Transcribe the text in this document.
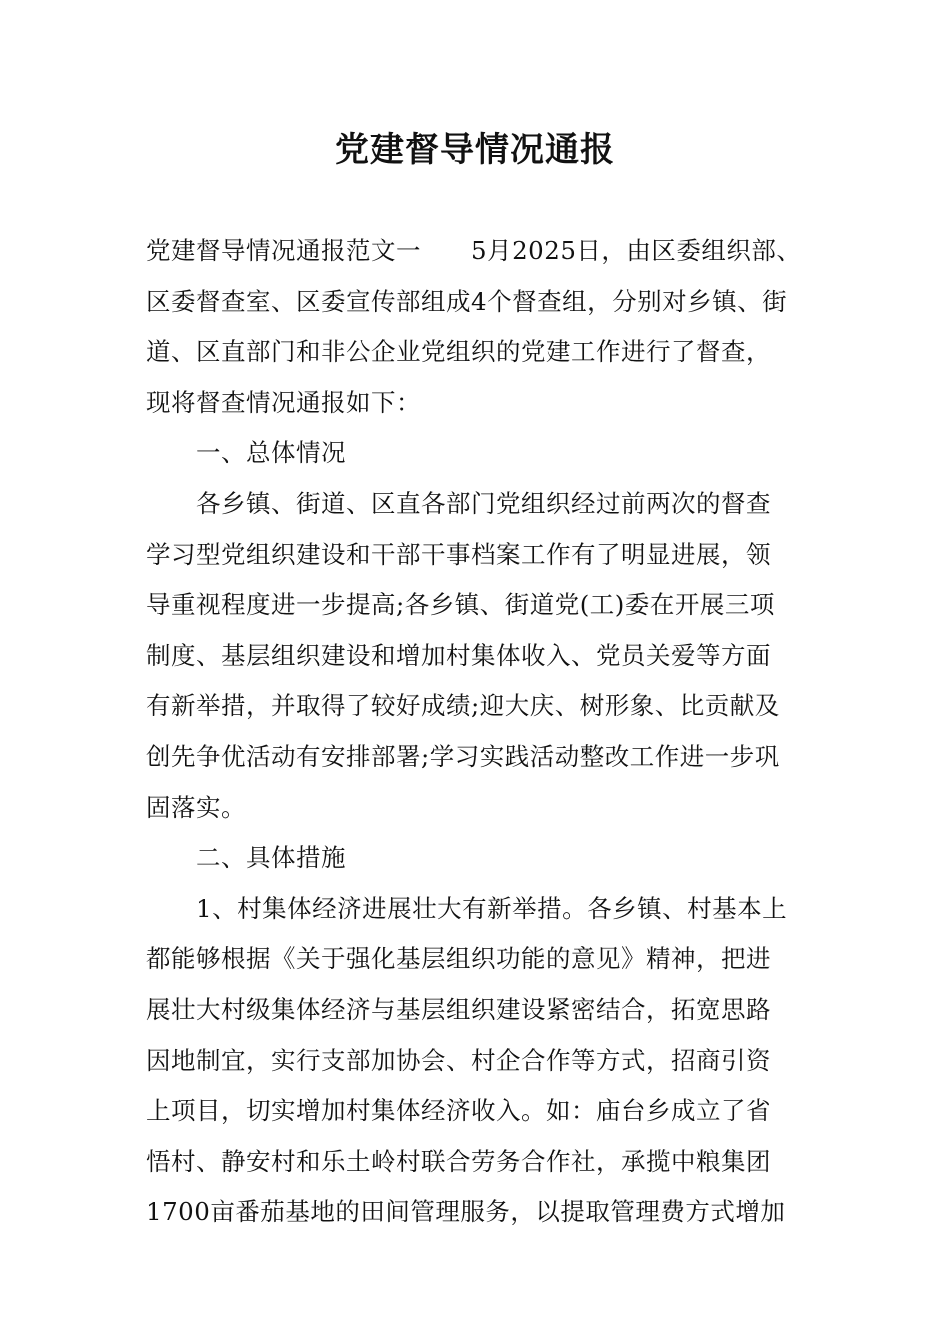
党建督导情况通报
党建督导情况通报范文一　　5月2025日，由区委组织部、
区委督查室、区委宣传部组成4个督查组，分别对乡镇、街
道、区直部门和非公企业党组织的党建工作进行了督查，
现将督查情况通报如下：
一、总体情况
各乡镇、街道、区直各部门党组织经过前两次的督查
学习型党组织建设和干部干事档案工作有了明显进展，领
导重视程度进一步提高;各乡镇、街道党(工)委在开展三项
制度、基层组织建设和增加村集体收入、党员关爱等方面
有新举措，并取得了较好成绩;迎大庆、树形象、比贡献及
创先争优活动有安排部署;学习实践活动整改工作进一步巩
固落实。
二、具体措施
1、村集体经济进展壮大有新举措。各乡镇、村基本上
都能够根据《关于强化基层组织功能的意见》精神，把进
展壮大村级集体经济与基层组织建设紧密结合，拓宽思路
因地制宜，实行支部加协会、村企合作等方式，招商引资
上项目，切实增加村集体经济收入。如：庙台乡成立了省
悟村、静安村和乐土岭村联合劳务合作社，承揽中粮集团
1700亩番茄基地的田间管理服务，以提取管理费方式增加
